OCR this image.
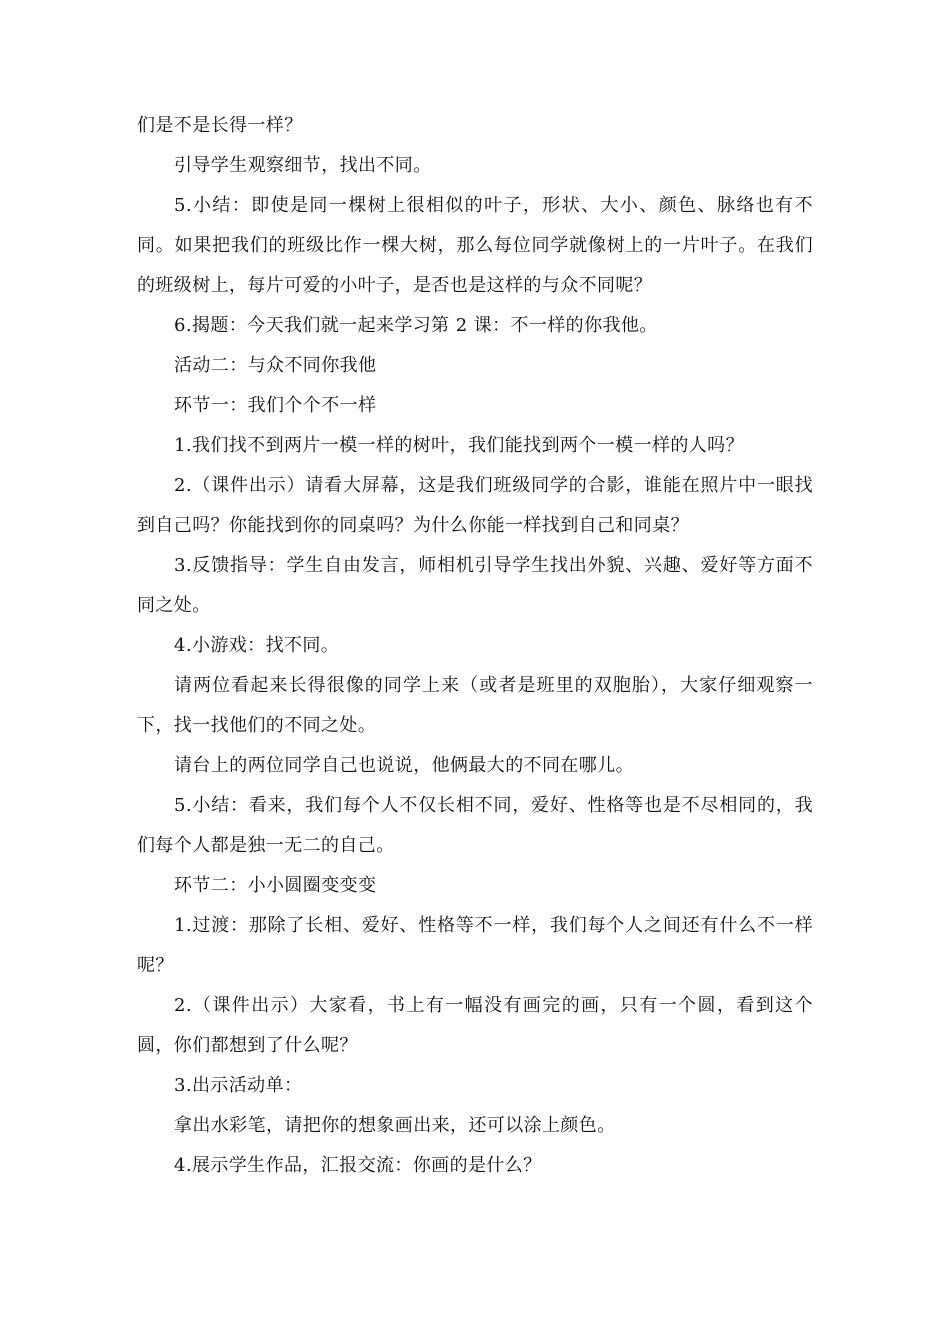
们是不是长得一样？

引导学生观察细节，找出不同。

5.小结：即使是同一棵树上很相似的叶子，形状、大小、颜色、脉络也有不同。如果把我们的班级比作一棵大树，那么每位同学就像树上的一片叶子。在我们的班级树上，每片可爱的小叶子，是否也是这样的与众不同呢？

6.揭题：今天我们就一起来学习第 2 课：不一样的你我他。

活动二：与众不同你我他

环节一：我们个个不一样

1.我们找不到两片一模一样的树叶，我们能找到两个一模一样的人吗？

2.（课件出示）请看大屏幕，这是我们班级同学的合影，谁能在照片中一眼找到自己吗？你能找到你的同桌吗？为什么你能一样找到自己和同桌？

3.反馈指导：学生自由发言，师相机引导学生找出外貌、兴趣、爱好等方面不同之处。

4.小游戏：找不同。

请两位看起来长得很像的同学上来（或者是班里的双胞胎），大家仔细观察一下，找一找他们的不同之处。

请台上的两位同学自己也说说，他俩最大的不同在哪儿。

5.小结：看来，我们每个人不仅长相不同，爱好、性格等也是不尽相同的，我们每个人都是独一无二的自己。

环节二：小小圆圈变变变

1.过渡：那除了长相、爱好、性格等不一样，我们每个人之间还有什么不一样呢？

2.（课件出示）大家看，书上有一幅没有画完的画，只有一个圆，看到这个圆，你们都想到了什么呢？

3.出示活动单：

拿出水彩笔，请把你的想象画出来，还可以涂上颜色。

4.展示学生作品，汇报交流：你画的是什么？
